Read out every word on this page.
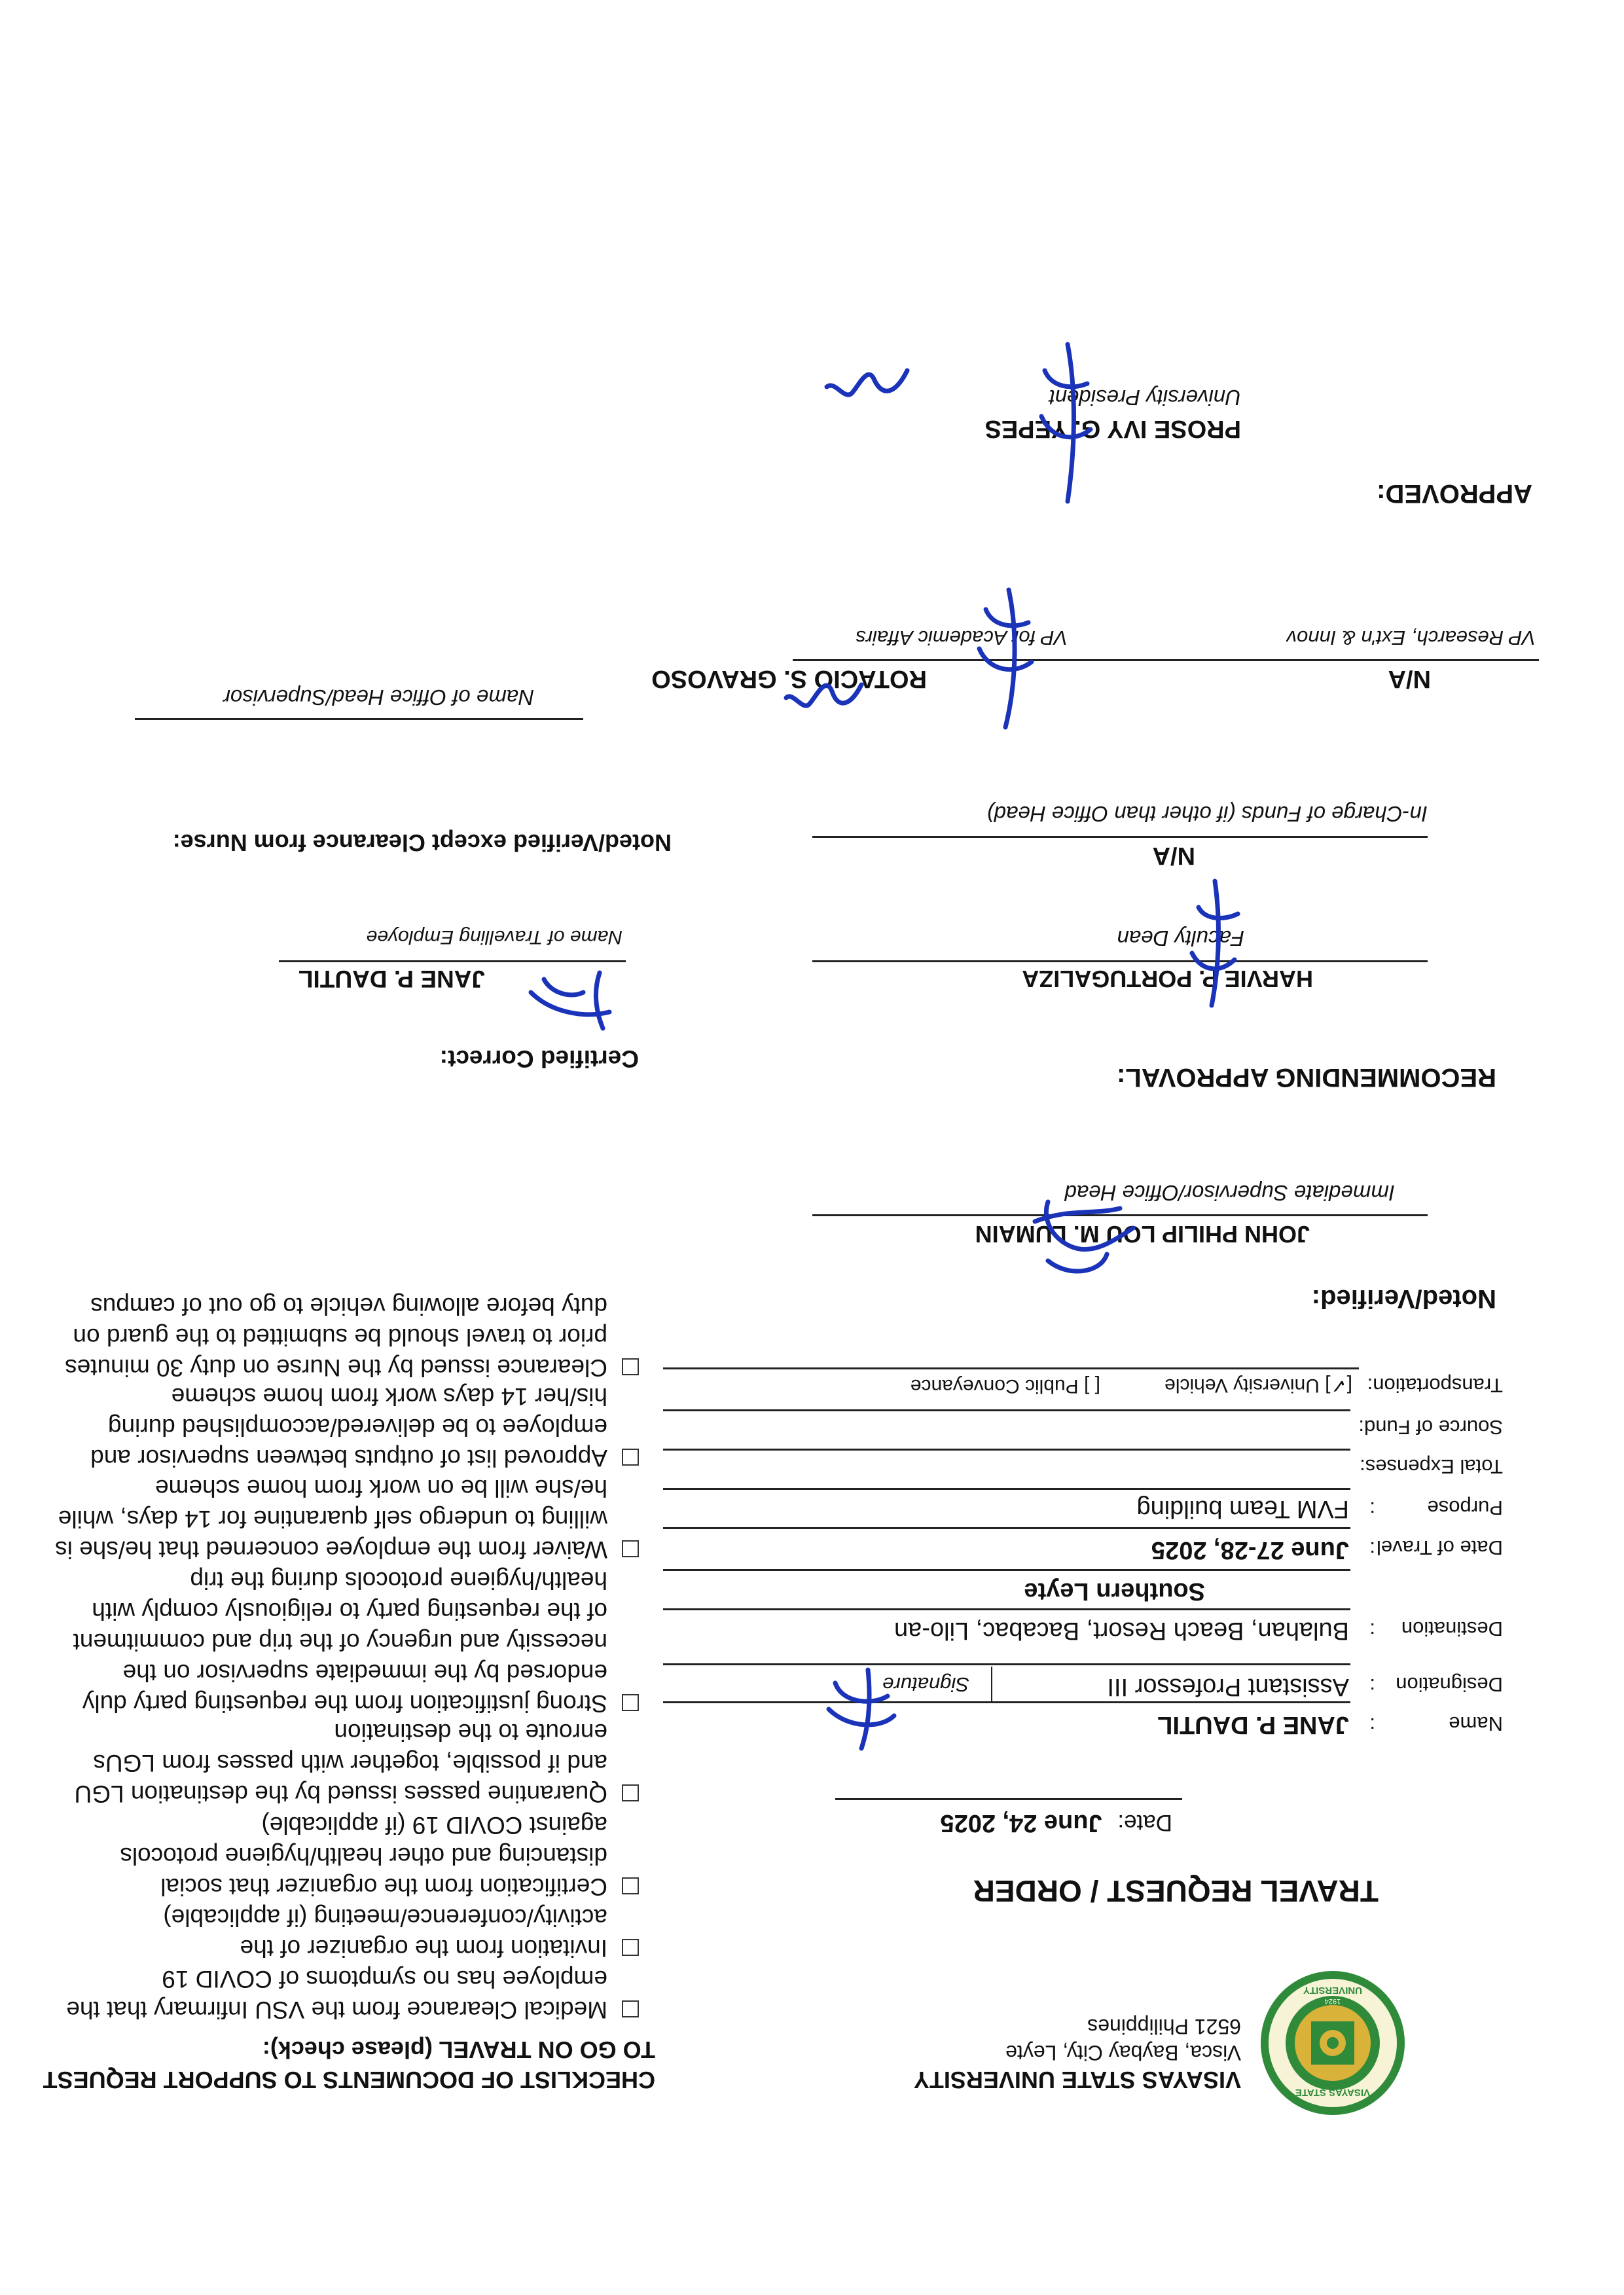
VISAYAS STATE
UNIVERSITY
1924
VISAYAS STATE UNIVERSITY
Visca, Baybay City, Leyte
6521 Philippines
CHECKLIST OF DOCUMENTS TO SUPPORT REQUEST
TO GO ON TRAVEL (please check):
TRAVEL REQUEST / ORDER
Date: June 24, 2025
Name
:
JANE P. DAUTIL
Designation
:
Assistant Professor III
Signature
Destination
:
Bulahan, Beach Resort, Bacabac, Lilo-an
Southern Leyte
Date of Travel
:
June 27-28, 2025
Purpose
:
FVM Team building
Total Expenses:
Source of Fund:
Transportation:
[✓] University Vehicle
[ ] Public Conveyance
Medical Clearance from the VSU Infirmary that the
employee has no symptoms of COVID 19
Invitation from the organizer of the
activity/conference/meeting (if applicable)
Certification from the organizer that social
distancing and other health/hygiene protocols
against COVID 19 (if applicable)
Quarantine passes issued by the destination LGU
and if possible, together with passes from LGUs
enroute to the destination
Strong justification from the requesting party duly
endorsed by the immediate supervisor on the
necessity and urgency of the trip and commitment
of the requesting party to religiously comply with
health/hygiene protocols during the trip
Waiver from the employee concerned that he/she is
willing to undergo self quarantine for 14 days, while
he/she will be on work from home scheme
Approved list of outputs between supervisor and
employee to be delivered/accomplished during
his/her 14 days work from home scheme
Clearance issued by the Nurse on duty 30 minutes
prior to travel should be submitted to the guard on
duty before allowing vehicle to go out of campus	Noted/Verified:
JOHN PHILIP LOU M. LUMAIN
Immediate Supervisor/Office Head
Certified Correct:
JANE P. DAUTIL
Name of Travelling Employee
RECOMMENDING APPROVAL:
HARVIE P. PORTUGALIZA
Faculty Dean
N/A
In-Charge of Funds (if other than Office Head)
Noted/Verified except Clearance from Nurse:
Name of Office Head/Supervisor
N/A
ROTACIO S. GRAVOSO
VP Research, Ext'n & Innov
VP for Academic Affairs
APPROVED:
PROSE IVY G. YEPES
University President
